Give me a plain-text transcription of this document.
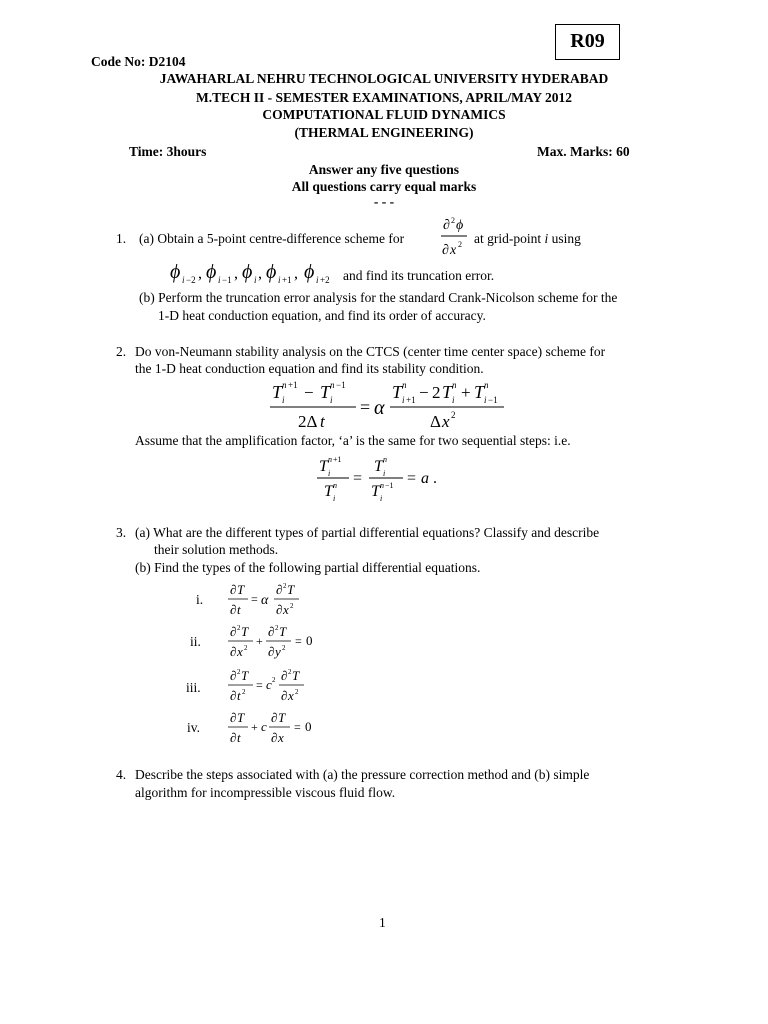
R09
Code No: D2104
JAWAHARLAL NEHRU TECHNOLOGICAL UNIVERSITY HYDERABAD
M.TECH II - SEMESTER EXAMINATIONS, APRIL/MAY 2012
COMPUTATIONAL FLUID DYNAMICS
(THERMAL ENGINEERING)
Time: 3hours	Max. Marks: 60
Answer any five questions
All questions carry equal marks
- - -
1. (a) Obtain a 5-point centre-difference scheme for
∂ 2 ϕ
∂ x 2 at grid-point i using
ϕ i −2 , ϕ i −1 , ϕ i , ϕ i +1 , ϕ i +2 and find its truncation error.
(b) Perform the truncation error analysis for the standard Crank-Nicolson scheme for the
1-D heat conduction equation, and find its order of accuracy.
2. Do von-Neumann stability analysis on the CTCS (center time center space) scheme for
the 1-D heat conduction equation and find its stability condition.
T n +1
i − T n −1
i
2Δ t
= α
T n
i +1 − 2 T n
i + T n
i −1
Δ x 2
Assume that the amplification factor, ‘a’ is the same for two sequential steps: i.e.
T n +1
i
T n
i
=
T n
i
T n −1
i
= a .
3. (a) What are the different types of partial differential equations? Classify and describe
their solution methods.
(b) Find the types of the following partial differential equations.
i.
∂ T
∂ t
= α
∂ 2 T
∂ x 2
ii.
∂ 2 T
∂ x 2 +
∂ 2 T
∂ y 2 = 0
iii.
∂ 2 T
∂ t 2 = c 2 ∂ 2 T
∂ x 2
iv.
∂ T
∂ t
+ c
∂ T
∂ x
= 0
4. Describe the steps associated with (a) the pressure correction method and (b) simple
algorithm for incompressible viscous fluid flow.
1
